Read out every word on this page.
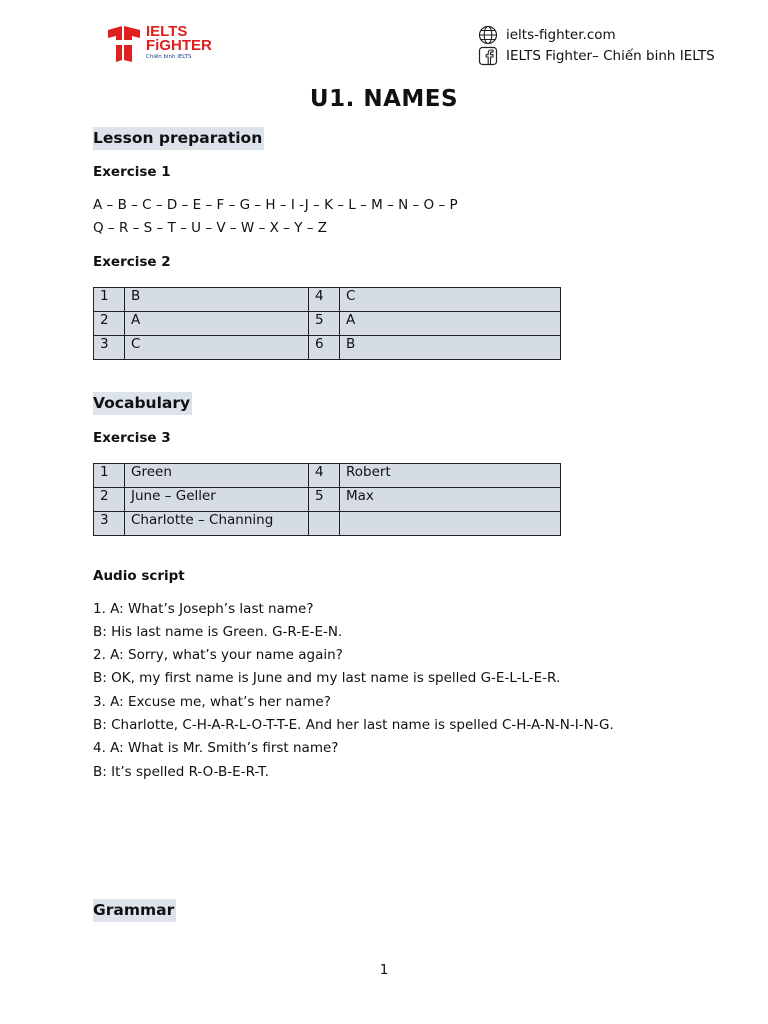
IELTS
FiGHTER
Chiến binh IELTS
ielts-fighter.com
IELTS Fighter– Chiến binh IELTS
U1. NAMES
Lesson preparation
Exercise 1
A – B – C – D – E – F – G – H – I -J – K – L – M – N – O – P
Q – R – S – T – U – V – W – X – Y – Z
Exercise 2
1	B	4	C
2	A	5	A
3	C	6	B
Vocabulary
Exercise 3
1	Green	4	Robert
2	June – Geller	5	Max
3	Charlotte – Channing		
Audio script
1. A: What’s Joseph’s last name?
B: His last name is Green. G-R-E-E-N.
2. A: Sorry, what’s your name again?
B: OK, my first name is June and my last name is spelled G-E-L-L-E-R.
3. A: Excuse me, what’s her name?
B: Charlotte, C-H-A-R-L-O-T-T-E. And her last name is spelled C-H-A-N-N-I-N-G.
4. A: What is Mr. Smith’s first name?
B: It’s spelled R-O-B-E-R-T.
Grammar
1
